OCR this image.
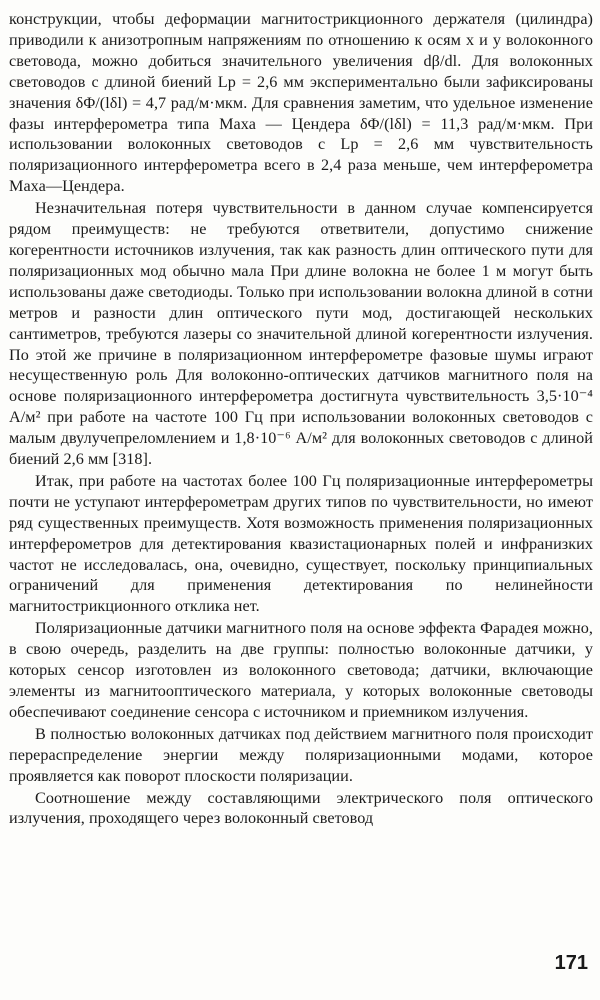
конструкции, чтобы деформации магнитострикционного держателя (цилиндра) приводили к анизотропным напряжениям по отношению к осям x и y волоконного световода, можно добиться значительного увеличения dβ/dl. Для волоконных световодов с длиной биений Lp = 2,6 мм экспериментально были зафиксированы значения δΦ/(lδl) = 4,7 рад/м·мкм. Для сравнения заметим, что удельное изменение фазы интерферометра типа Маха — Цендера δΦ/(lδl) = 11,3 рад/м·мкм. При использовании волоконных световодов с Lp = 2,6 мм чувствительность поляризационного интерферометра всего в 2,4 раза меньше, чем интерферометра Маха—Цендера.

Незначительная потеря чувствительности в данном случае компенсируется рядом преимуществ: не требуются ответвители, допустимо снижение когерентности источников излучения, так как разность длин оптического пути для поляризационных мод обычно мала При длине волокна не более 1 м могут быть использованы даже светодиоды. Только при использовании волокна длиной в сотни метров и разности длин оптического пути мод, достигающей нескольких сантиметров, требуются лазеры со значительной длиной когерентности излучения. По этой же причине в поляризационном интерферометре фазовые шумы играют несущественную роль Для волоконно-оптических датчиков магнитного поля на основе поляризационного интерферометра достигнута чувствительность 3,5·10⁻⁴ А/м² при работе на частоте 100 Гц при использовании волоконных световодов с малым двулучепреломлением и 1,8·10⁻⁶ А/м² для волоконных световодов с длиной биений 2,6 мм [318].

Итак, при работе на частотах более 100 Гц поляризационные интерферометры почти не уступают интерферометрам других типов по чувствительности, но имеют ряд существенных преимуществ. Хотя возможность применения поляризационных интерферометров для детектирования квазистационарных полей и инфранизких частот не исследовалась, она, очевидно, существует, поскольку принципиальных ограничений для применения детектирования по нелинейности магнитострикционного отклика нет.

Поляризационные датчики магнитного поля на основе эффекта Фарадея можно, в свою очередь, разделить на две группы: полностью волоконные датчики, у которых сенсор изготовлен из волоконного световода; датчики, включающие элементы из магнитооптического материала, у которых волоконные световоды обеспечивают соединение сенсора с источником и приемником излучения.

В полностью волоконных датчиках под действием магнитного поля происходит перераспределение энергии между поляризационными модами, которое проявляется как поворот плоскости поляризации.

Соотношение между составляющими электрического поля оптического излучения, проходящего через волоконный световод

171
